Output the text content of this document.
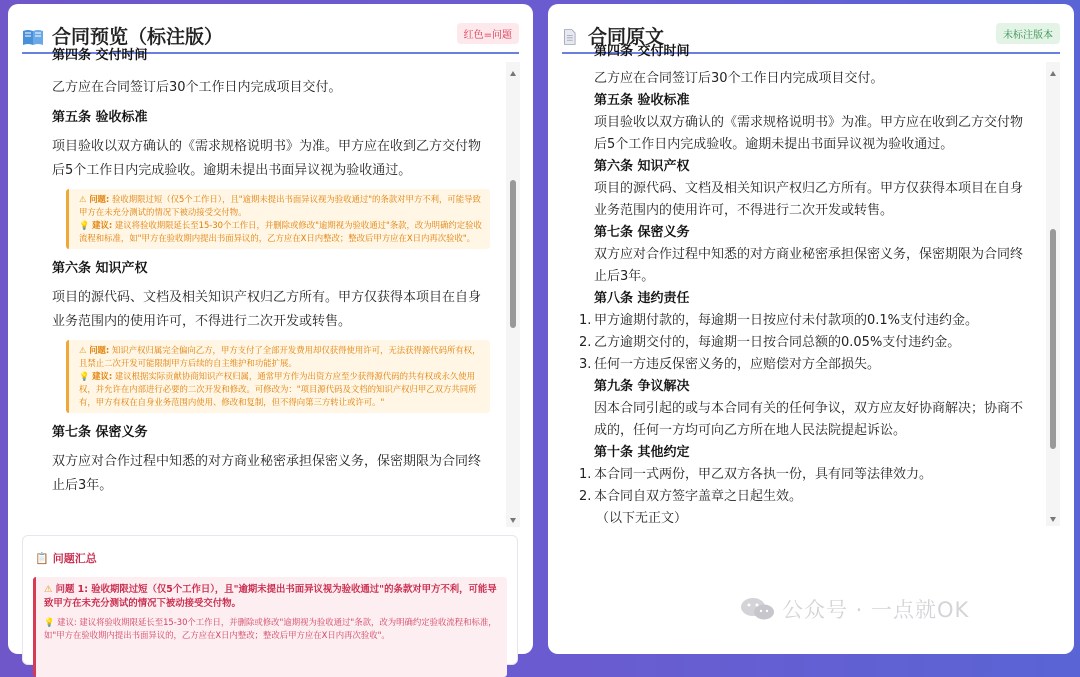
合同预览（标注版）	红色=问题
第四条 交付时间
乙方应在合同签订后30个工作日内完成项目交付。
第五条 验收标准
项目验收以双方确认的《需求规格说明书》为准。甲方应在收到乙方交付物后5个工作日内完成验收。逾期未提出书面异议视为验收通过。
⚠ 问题: 验收期限过短（仅5个工作日），且"逾期未提出书面异议视为验收通过"的条款对甲方不利，可能导致甲方在未充分测试的情况下被动接受交付物。
💡 建议: 建议将验收期限延长至15-30个工作日，并删除或修改"逾期视为验收通过"条款，改为明确约定验收流程和标准，如"甲方在验收期内提出书面异议的，乙方应在X日内整改；整改后甲方应在X日内再次验收"。
第六条 知识产权
项目的源代码、文档及相关知识产权归乙方所有。甲方仅获得本项目在自身业务范围内的使用许可，不得进行二次开发或转售。
⚠ 问题: 知识产权归属完全偏向乙方，甲方支付了全部开发费用却仅获得使用许可，无法获得源代码所有权，且禁止二次开发可能限制甲方后续的自主维护和功能扩展。
💡 建议: 建议根据实际贡献协商知识产权归属，通常甲方作为出资方应至少获得源代码的共有权或永久使用权，并允许在内部进行必要的二次开发和修改。可修改为："项目源代码及文档的知识产权归甲乙双方共同所有，甲方有权在自身业务范围内使用、修改和复制，但不得向第三方转让或许可。"
第七条 保密义务
双方应对合作过程中知悉的对方商业秘密承担保密义务，保密期限为合同终止后3年。
📋 问题汇总
⚠ 问题 1: 验收期限过短（仅5个工作日），且"逾期未提出书面异议视为验收通过"的条款对甲方不利，可能导致甲方在未充分测试的情况下被动接受交付物。
💡 建议: 建议将验收期限延长至15-30个工作日，并删除或修改"逾期视为验收通过"条款，改为明确约定验收流程和标准，如"甲方在验收期内提出书面异议的，乙方应在X日内整改；整改后甲方应在X日内再次验收"。
合同原文	未标注版本
第四条 交付时间
乙方应在合同签订后30个工作日内完成项目交付。
第五条 验收标准
项目验收以双方确认的《需求规格说明书》为准。甲方应在收到乙方交付物后5个工作日内完成验收。逾期未提出书面异议视为验收通过。
第六条 知识产权
项目的源代码、文档及相关知识产权归乙方所有。甲方仅获得本项目在自身业务范围内的使用许可，不得进行二次开发或转售。
第七条 保密义务
双方应对合作过程中知悉的对方商业秘密承担保密义务，保密期限为合同终止后3年。
第八条 违约责任
1. 甲方逾期付款的，每逾期一日按应付未付款项的0.1%支付违约金。
2. 乙方逾期交付的，每逾期一日按合同总额的0.05%支付违约金。
3. 任何一方违反保密义务的，应赔偿对方全部损失。
第九条 争议解决
因本合同引起的或与本合同有关的任何争议，双方应友好协商解决；协商不成的，任何一方均可向乙方所在地人民法院提起诉讼。
第十条 其他约定
1. 本合同一式两份，甲乙双方各执一份，具有同等法律效力。
2. 本合同自双方签字盖章之日起生效。
（以下无正文）
公众号 · 一点就OK
